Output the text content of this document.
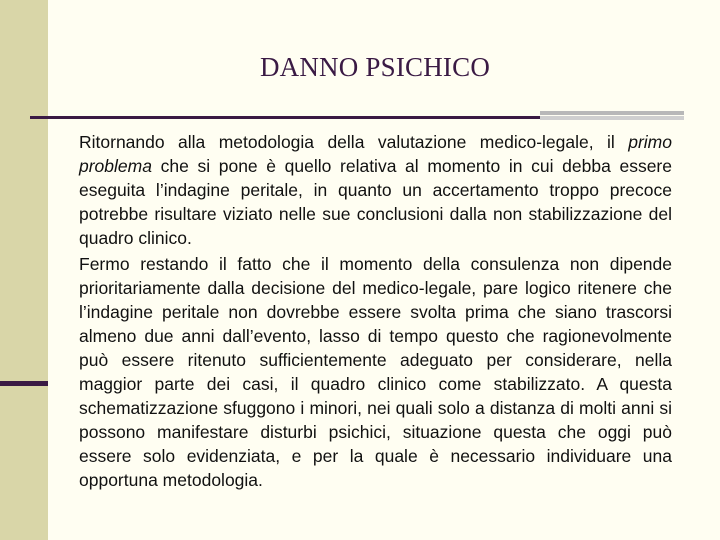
DANNO PSICHICO

Ritornando alla metodologia della valutazione medico-legale, il primo problema che si pone è quello relativa al momento in cui debba essere eseguita l’indagine peritale, in quanto un accertamento troppo precoce potrebbe risultare viziato nelle sue conclusioni dalla non stabilizzazione del quadro clinico.

Fermo restando il fatto che il momento della consulenza non dipende prioritariamente dalla decisione del medico-legale, pare logico ritenere che l’indagine peritale non dovrebbe essere svolta prima che siano trascorsi almeno due anni dall’evento, lasso di tempo questo che ragionevolmente può essere ritenuto sufficientemente adeguato per considerare, nella maggior parte dei casi, il quadro clinico come stabilizzato. A questa schematizzazione sfuggono i minori, nei quali solo a distanza di molti anni si possono manifestare disturbi psichici, situazione questa che oggi può essere solo evidenziata, e per la quale è necessario individuare una opportuna metodologia.
